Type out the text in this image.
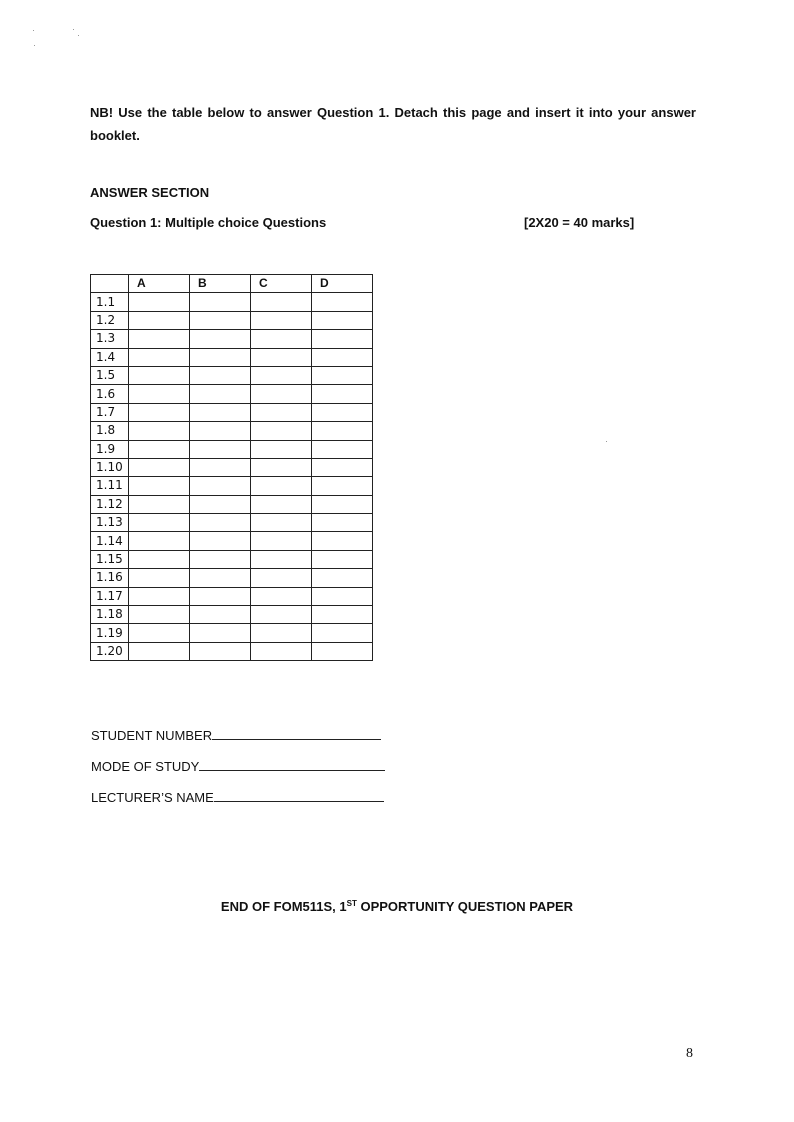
NB! Use the table below to answer Question 1. Detach this page and insert it into your answer booklet.
ANSWER SECTION
Question 1: Multiple choice Questions	[2X20 = 40 marks]
	A	B	C	D
1.1				
1.2				
1.3				
1.4				
1.5				
1.6				
1.7				
1.8				
1.9				
1.10				
1.11				
1.12				
1.13				
1.14				
1.15				
1.16				
1.17				
1.18				
1.19				
1.20				
STUDENT NUMBER
MODE OF STUDY
LECTURER’S NAME
END OF FOM511S, 1ST OPPORTUNITY QUESTION PAPER
8
